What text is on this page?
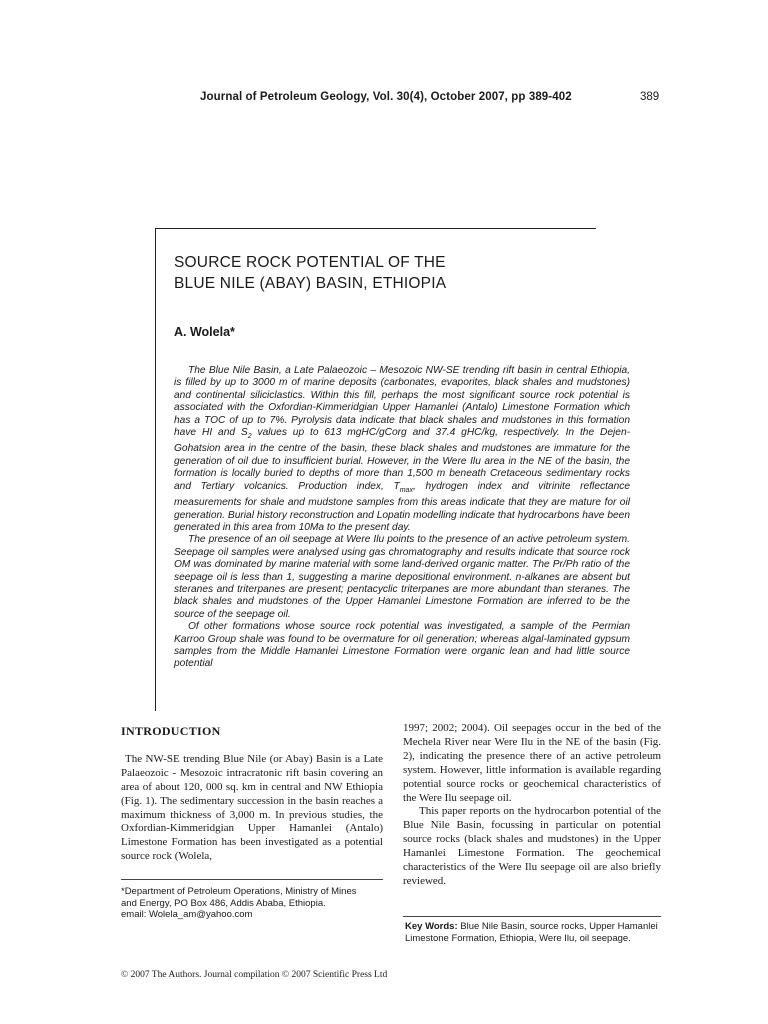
Journal of Petroleum Geology, Vol. 30(4), October 2007, pp 389-402	389
SOURCE ROCK POTENTIAL OF THE
BLUE NILE (ABAY) BASIN, ETHIOPIA
A. Wolela*

The Blue Nile Basin, a Late Palaeozoic – Mesozoic NW-SE trending rift basin in central Ethiopia, is filled by up to 3000 m of marine deposits (carbonates, evaporites, black shales and mudstones) and continental siliciclastics. Within this fill, perhaps the most significant source rock potential is associated with the Oxfordian-Kimmeridgian Upper Hamanlei (Antalo) Limestone Formation which has a TOC of up to 7%. Pyrolysis data indicate that black shales and mudstones in this formation have HI and $S_2$ values up to 613 mgHC/gCorg and 37.4 gHC/kg, respectively. In the Dejen-Gohatsion area in the centre of the basin, these black shales and mudstones are immature for the generation of oil due to insufficient burial. However, in the Were Ilu area in the NE of the basin, the formation is locally buried to depths of more than 1,500 m beneath Cretaceous sedimentary rocks and Tertiary volcanics. Production index, $T_{max}$, hydrogen index and vitrinite reflectance measurements for shale and mudstone samples from this areas indicate that they are mature for oil generation. Burial history reconstruction and Lopatin modelling indicate that hydrocarbons have been generated in this area from 10Ma to the present day.

The presence of an oil seepage at Were Ilu points to the presence of an active petroleum system. Seepage oil samples were analysed using gas chromatography and results indicate that source rock OM was dominated by marine material with some land-derived organic matter. The Pr/Ph ratio of the seepage oil is less than 1, suggesting a marine depositional environment. n-alkanes are absent but steranes and triterpanes are present; pentacyclic triterpanes are more abundant than steranes. The black shales and mudstones of the Upper Hamanlei Limestone Formation are inferred to be the source of the seepage oil.

Of other formations whose source rock potential was investigated, a sample of the Permian Karroo Group shale was found to be overmature for oil generation; whereas algal-laminated gypsum samples from the Middle Hamanlei Limestone Formation were organic lean and had little source potential

INTRODUCTION

The NW-SE trending Blue Nile (or Abay) Basin is a Late Palaeozoic - Mesozoic intracratonic rift basin covering an area of about 120, 000 sq. km in central and NW Ethiopia (Fig. 1). The sedimentary succession in the basin reaches a maximum thickness of 3,000 m. In previous studies, the Oxfordian-Kimmeridgian Upper Hamanlei (Antalo) Limestone Formation has been investigated as a potential source rock (Wolela,

*Department of Petroleum Operations, Ministry of Mines
and Energy, PO Box 486, Addis Ababa, Ethiopia.
email: Wolela_am@yahoo.com

1997; 2002; 2004). Oil seepages occur in the bed of the Mechela River near Were Ilu in the NE of the basin (Fig. 2), indicating the presence there of an active petroleum system. However, little information is available regarding potential source rocks or geochemical characteristics of the Were Ilu seepage oil.

This paper reports on the hydrocarbon potential of the Blue Nile Basin, focussing in particular on potential source rocks (black shales and mudstones) in the Upper Hamanlei Limestone Formation. The geochemical characteristics of the Were Ilu seepage oil are also briefly reviewed.

Key Words: Blue Nile Basin, source rocks, Upper Hamanlei Limestone Formation, Ethiopia, Were Ilu, oil seepage.
© 2007 The Authors. Journal compilation © 2007 Scientific Press Ltd
